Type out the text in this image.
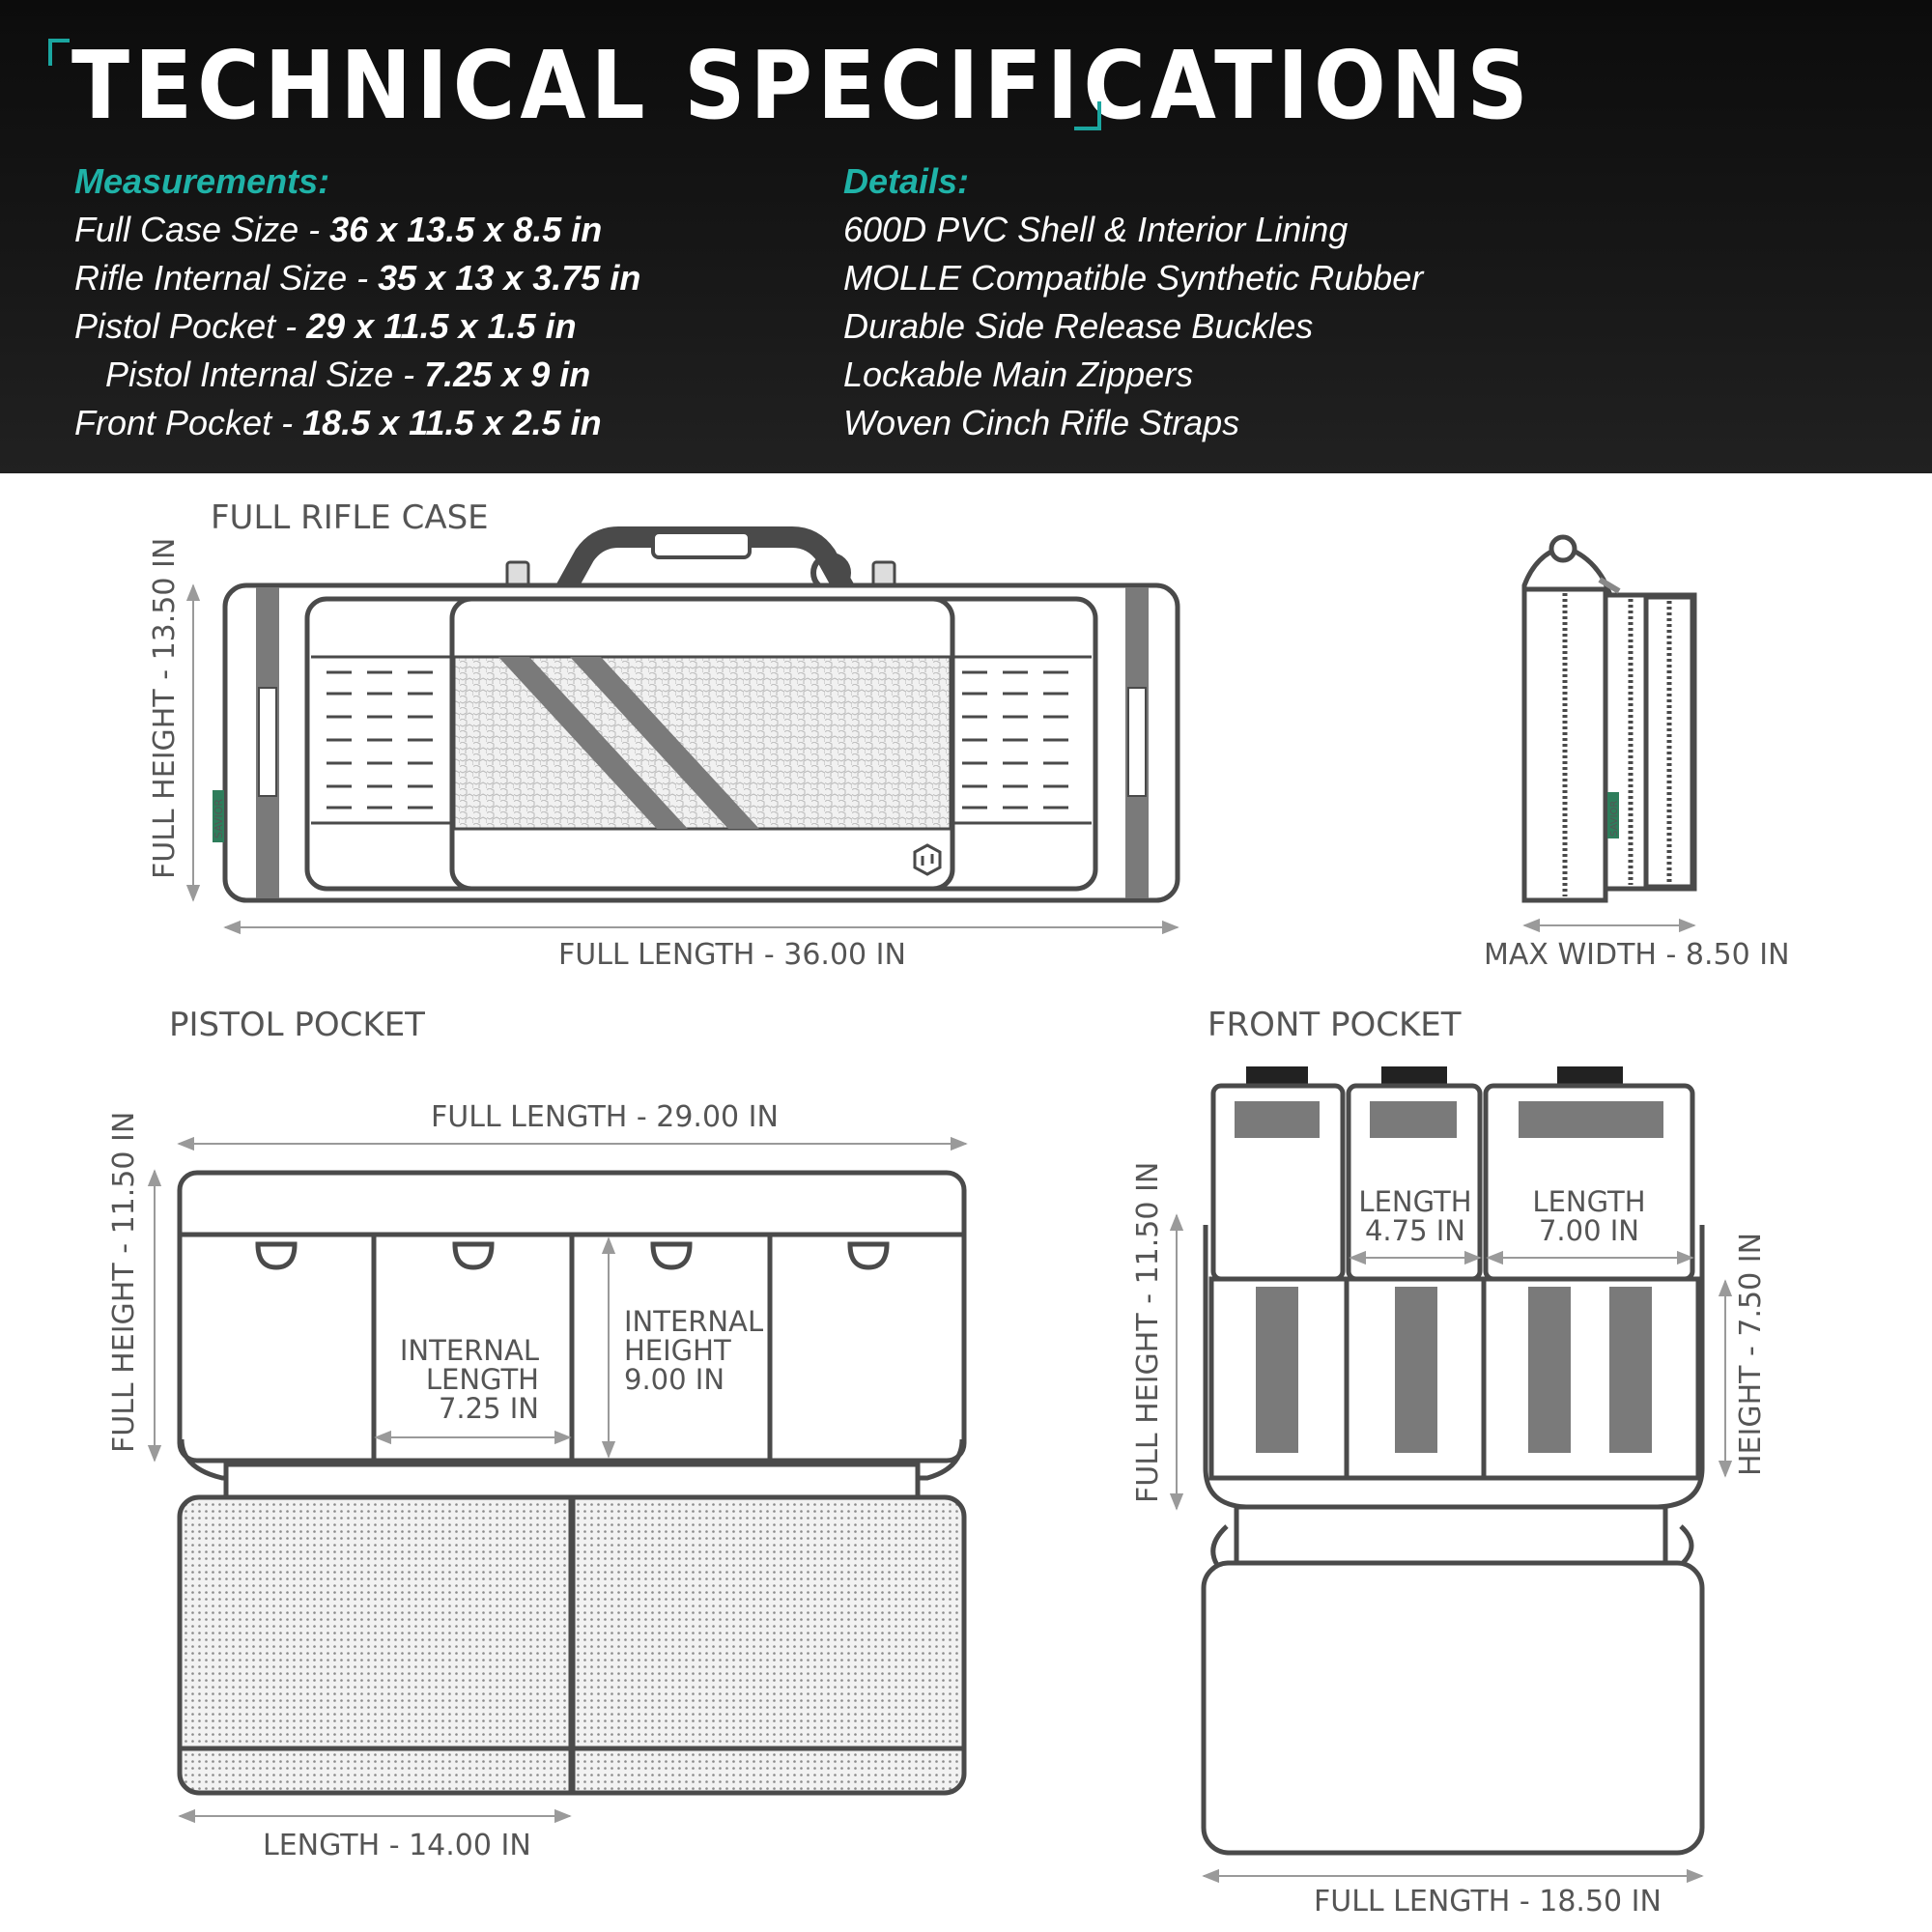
TECHNICAL SPECIFICATIONS
Measurements:
Full Case Size - 36 x 13.5 x 8.5 in
Rifle Internal Size - 35 x 13 x 3.75 in
Pistol Pocket - 29 x 11.5 x 1.5 in
Pistol Internal Size - 7.25 x 9 in
Front Pocket - 18.5 x 11.5 x 2.5 in
Details:
600D PVC Shell & Interior Lining
MOLLE Compatible Synthetic Rubber
Durable Side Release Buckles
Lockable Main Zippers
Woven Cinch Rifle Straps
FULL RIFLE CASE
SAVIOR
FULL HEIGHT - 13.50 IN
FULL LENGTH - 36.00 IN
SAVIOR
MAX WIDTH - 8.50 IN
PISTOL POCKET
FULL LENGTH - 29.00 IN
FULL HEIGHT - 11.50 IN	INTERNAL
LENGTH
7.25 IN
INTERNAL
HEIGHT
9.00 IN
LENGTH - 14.00 IN
FRONT POCKET
LENGTH
4.75 IN
LENGTH
7.00 IN
FULL HEIGHT - 11.50 IN	HEIGHT - 7.50 IN
FULL LENGTH - 18.50 IN
